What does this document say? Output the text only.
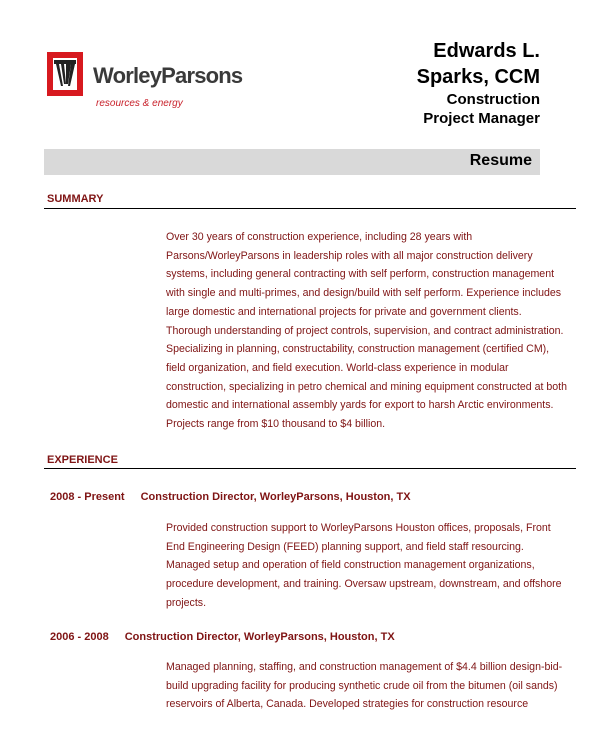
WorleyParsons
resources & energy
Edwards L.
Sparks, CCM
Construction
Project Manager
Resume
SUMMARY
Over 30 years of construction experience, including 28 years with
Parsons/WorleyParsons in leadership roles with all major construction delivery
systems, including general contracting with self perform, construction management
with single and multi-primes, and design/build with self perform. Experience includes
large domestic and international projects for private and government clients.
Thorough understanding of project controls, supervision, and contract administration.
Specializing in planning, constructability, construction management (certified CM),
field organization, and field execution. World-class experience in modular
construction, specializing in petro chemical and mining equipment constructed at both
domestic and international assembly yards for export to harsh Arctic environments.
Projects range from $10 thousand to $4 billion.
EXPERIENCE
2008 - Present Construction Director, WorleyParsons, Houston, TX
Provided construction support to WorleyParsons Houston offices, proposals, Front
End Engineering Design (FEED) planning support, and field staff resourcing.
Managed setup and operation of field construction management organizations,
procedure development, and training. Oversaw upstream, downstream, and offshore
projects.
2006 - 2008 Construction Director, WorleyParsons, Houston, TX
Managed planning, staffing, and construction management of $4.4 billion design-bid-
build upgrading facility for producing synthetic crude oil from the bitumen (oil sands)
reservoirs of Alberta, Canada. Developed strategies for construction resource
